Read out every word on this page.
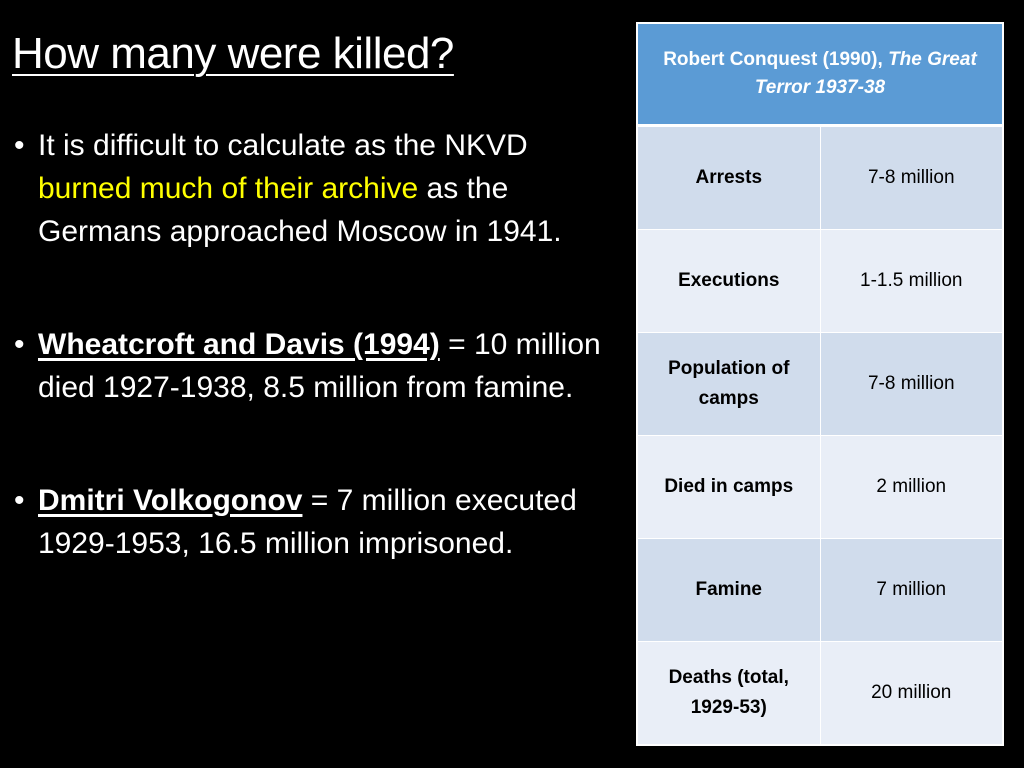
How many were killed?
• It is difficult to calculate as the NKVD burned much of their archive as the Germans approached Moscow in 1941.
• Wheatcroft and Davis (1994) = 10 million died 1927-1938, 8.5 million from famine.
• Dmitri Volkogonov = 7 million executed 1929-1953, 16.5 million imprisoned.
Robert Conquest (1990), The Great Terror 1937-38	
Arrests	7-8 million
Executions	1-1.5 million
Population of camps	7-8 million
Died in camps	2 million
Famine	7 million
Deaths (total, 1929-53)	20 million
